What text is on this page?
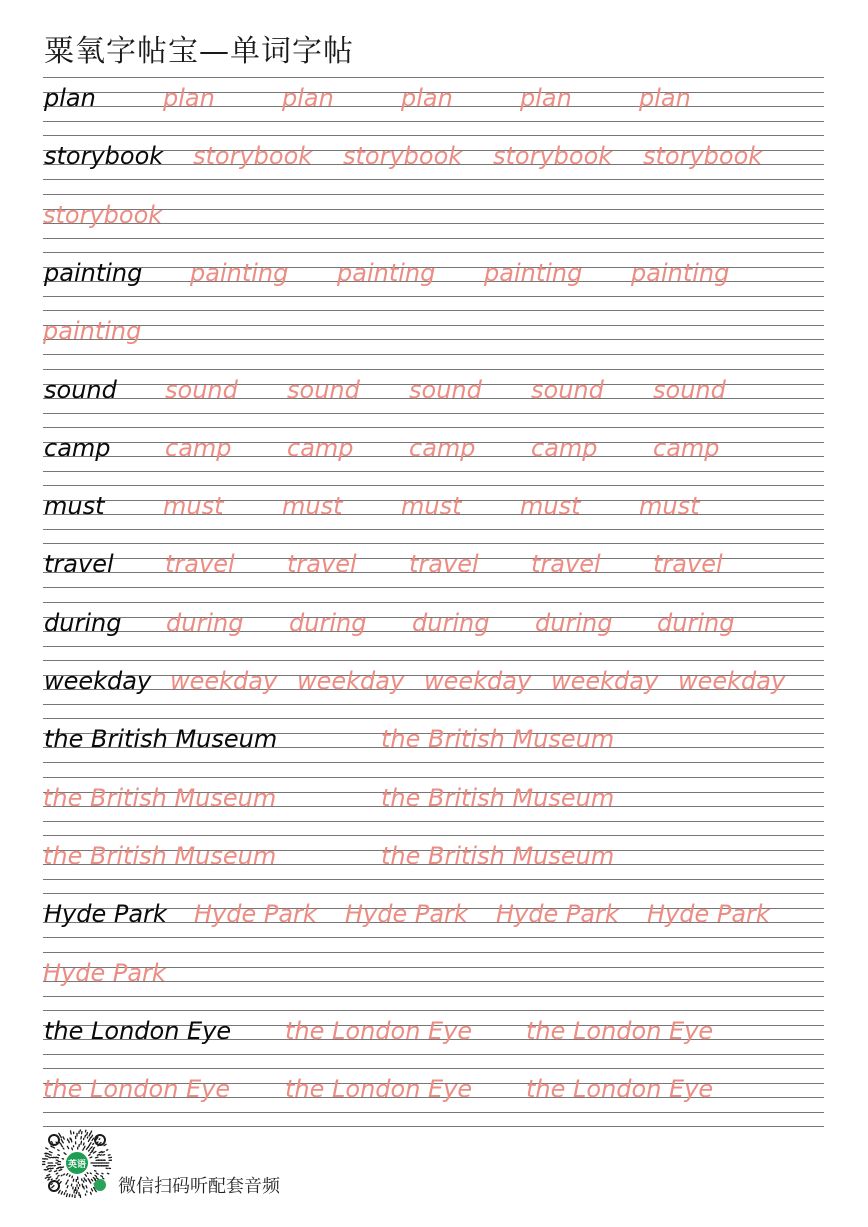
粟氧字帖宝—单词字帖
plan	plan	plan	plan	plan	plan
storybook storybook storybook storybook storybook
storybook
painting painting painting painting painting
painting
sound sound sound sound sound sound
camp camp camp camp camp camp
must must must must must must
travel travel travel travel travel travel
during during during during during during
weekday weekday weekday weekday weekday weekday
the British Museum	the British Museum
the British Museum	the British Museum
the British Museum	the British Museum
Hyde Park Hyde Park Hyde Park Hyde Park Hyde Park
Hyde Park
the London Eye the London Eye the London Eye
the London Eye the London Eye the London Eye
英语
微信扫码听配套音频
